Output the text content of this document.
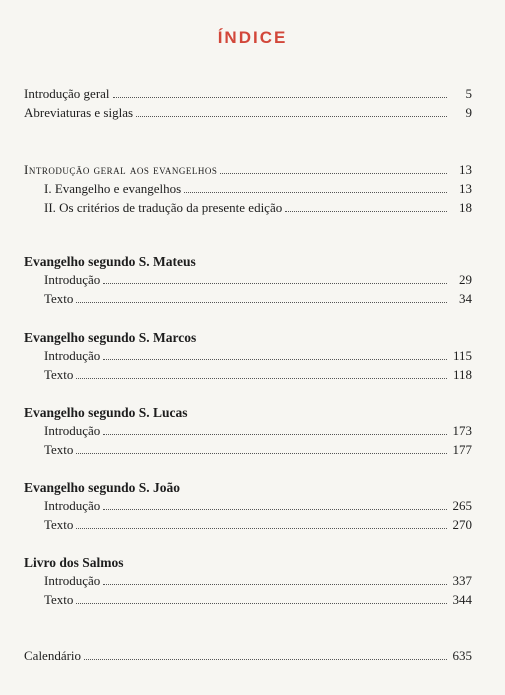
ÍNDICE
Introdução geral	5
Abreviaturas e siglas	9
Introdução geral aos evangelhos	13
I. Evangelho e evangelhos	13
II. Os critérios de tradução da presente edição	18
Evangelho segundo S. Mateus
Introdução	29
Texto	34
Evangelho segundo S. Marcos
Introdução	115
Texto	118
Evangelho segundo S. Lucas
Introdução	173
Texto	177
Evangelho segundo S. João
Introdução	265
Texto	270
Livro dos Salmos
Introdução	337
Texto	344
Calendário	635
